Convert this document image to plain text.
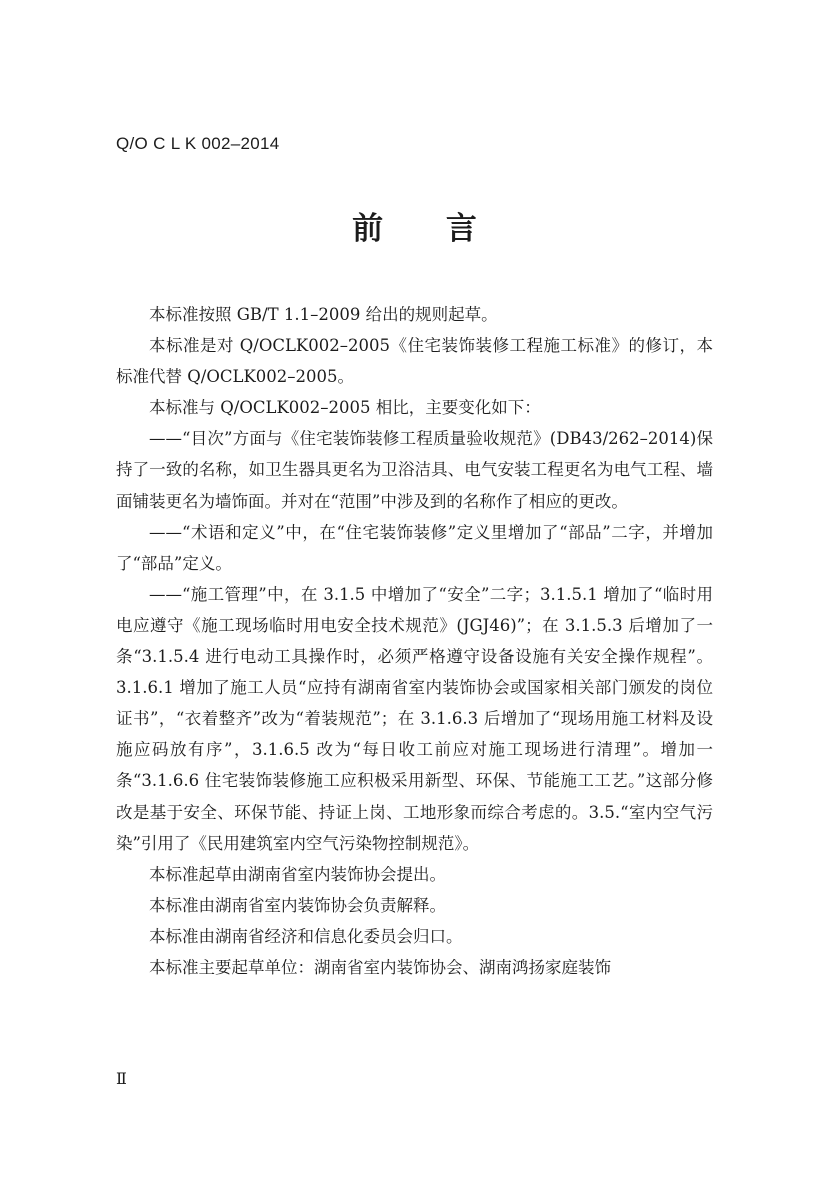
Q/O C L K 002–2014
前 言

本标准按照 GB/T 1.1–2009 给出的规则起草。

本标准是对 Q/OCLK002–2005《住宅装饰装修工程施工标准》的修订，本标准代替 Q/OCLK002–2005。

本标准与 Q/OCLK002–2005 相比，主要变化如下：

——“目次”方面与《住宅装饰装修工程质量验收规范》(DB43/262–2014)保持了一致的名称，如卫生器具更名为卫浴洁具、电气安装工程更名为电气工程、墙面铺装更名为墙饰面。并对在“范围”中涉及到的名称作了相应的更改。

——“术语和定义”中，在“住宅装饰装修”定义里增加了“部品”二字，并增加了“部品”定义。

——“施工管理”中，在 3.1.5 中增加了“安全”二字；3.1.5.1 增加了“临时用电应遵守《施工现场临时用电安全技术规范》(JGJ46)”；在 3.1.5.3 后增加了一条“3.1.5.4 进行电动工具操作时，必须严格遵守设备设施有关安全操作规程”。3.1.6.1 增加了施工人员“应持有湖南省室内装饰协会或国家相关部门颁发的岗位证书”，“衣着整齐”改为“着装规范”；在 3.1.6.3 后增加了“现场用施工材料及设施应码放有序”，3.1.6.5 改为“每日收工前应对施工现场进行清理”。增加一条“3.1.6.6 住宅装饰装修施工应积极采用新型、环保、节能施工工艺。”这部分修改是基于安全、环保节能、持证上岗、工地形象而综合考虑的。3.5.“室内空气污染”引用了《民用建筑室内空气污染物控制规范》。

本标准起草由湖南省室内装饰协会提出。

本标准由湖南省室内装饰协会负责解释。

本标准由湖南省经济和信息化委员会归口。

本标准主要起草单位：湖南省室内装饰协会、湖南鸿扬家庭装饰

Ⅱ
